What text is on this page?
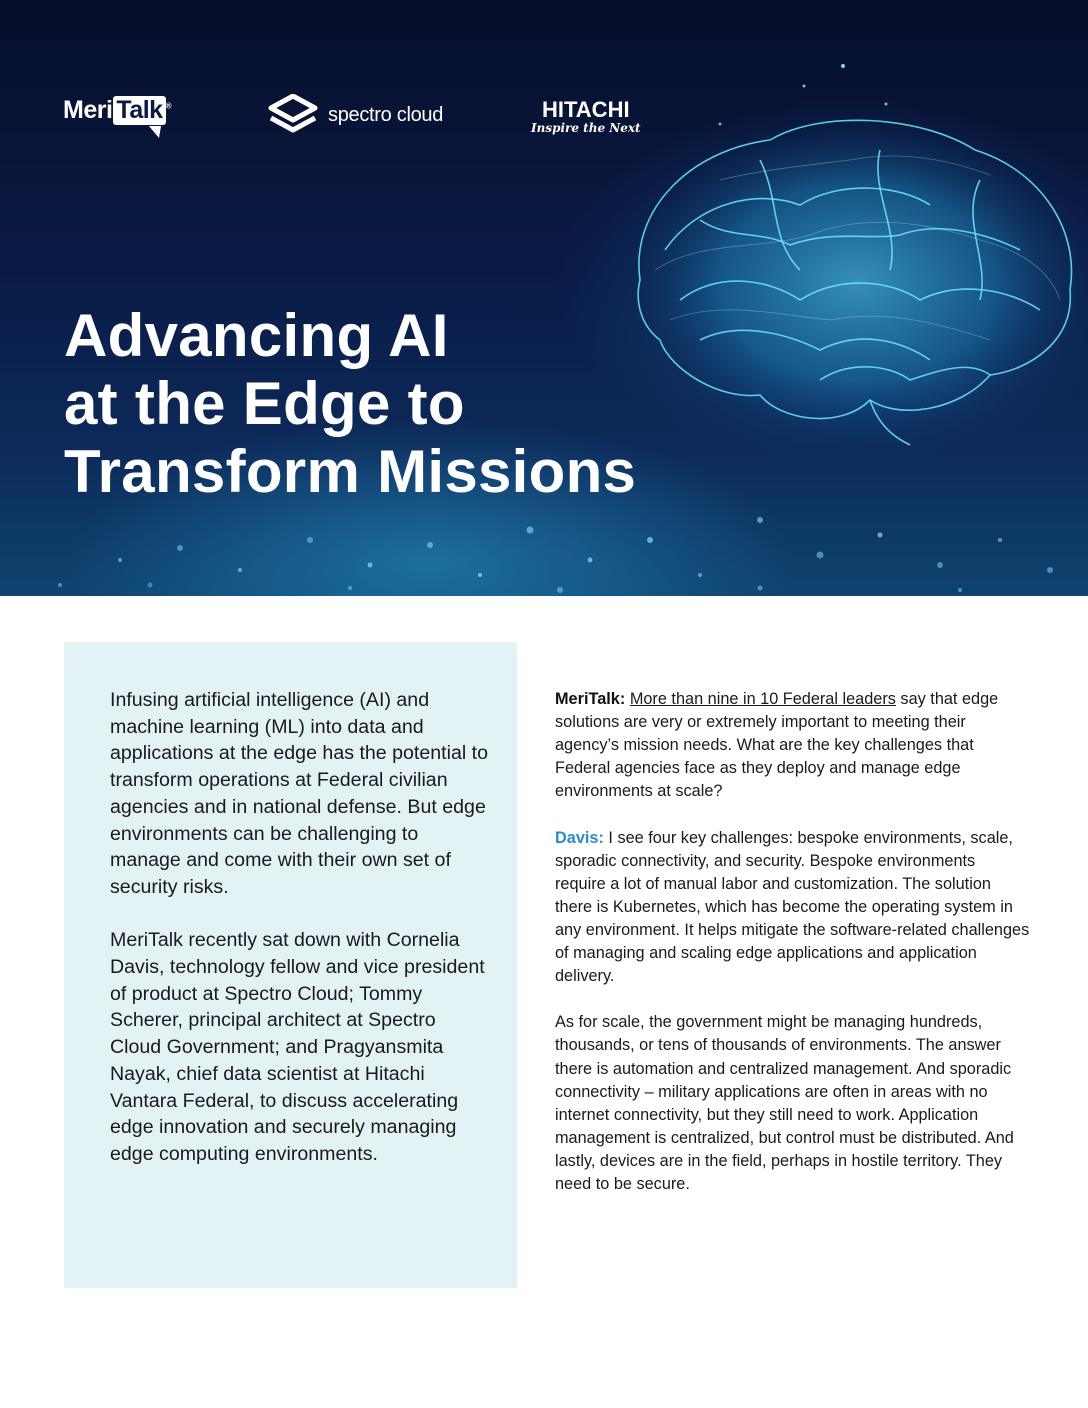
Meri Talk ®	spectro cloud	HITACHI
Inspire the Next
Advancing AI
at the Edge to
Transform Missions

Infusing artificial intelligence (AI) and machine learning (ML) into data and applications at the edge has the potential to transform operations at Federal civilian agencies and in national defense. But edge environments can be challenging to manage and come with their own set of security risks.

MeriTalk recently sat down with Cornelia Davis, technology fellow and vice president of product at Spectro Cloud; Tommy Scherer, principal architect at Spectro Cloud Government; and Pragyansmita Nayak, chief data scientist at Hitachi Vantara Federal, to discuss accelerating edge innovation and securely managing edge computing environments.

MeriTalk: More than nine in 10 Federal leaders say that edge solutions are very or extremely important to meeting their agency’s mission needs. What are the key challenges that Federal agencies face as they deploy and manage edge environments at scale?

Davis: I see four key challenges: bespoke environments, scale, sporadic connectivity, and security. Bespoke environments require a lot of manual labor and customization. The solution there is Kubernetes, which has become the operating system in any environment. It helps mitigate the software-related challenges of managing and scaling edge applications and application delivery.

As for scale, the government might be managing hundreds, thousands, or tens of thousands of environments. The answer there is automation and centralized management. And sporadic connectivity – military applications are often in areas with no internet connectivity, but they still need to work. Application management is centralized, but control must be distributed. And lastly, devices are in the field, perhaps in hostile territory. They need to be secure.
